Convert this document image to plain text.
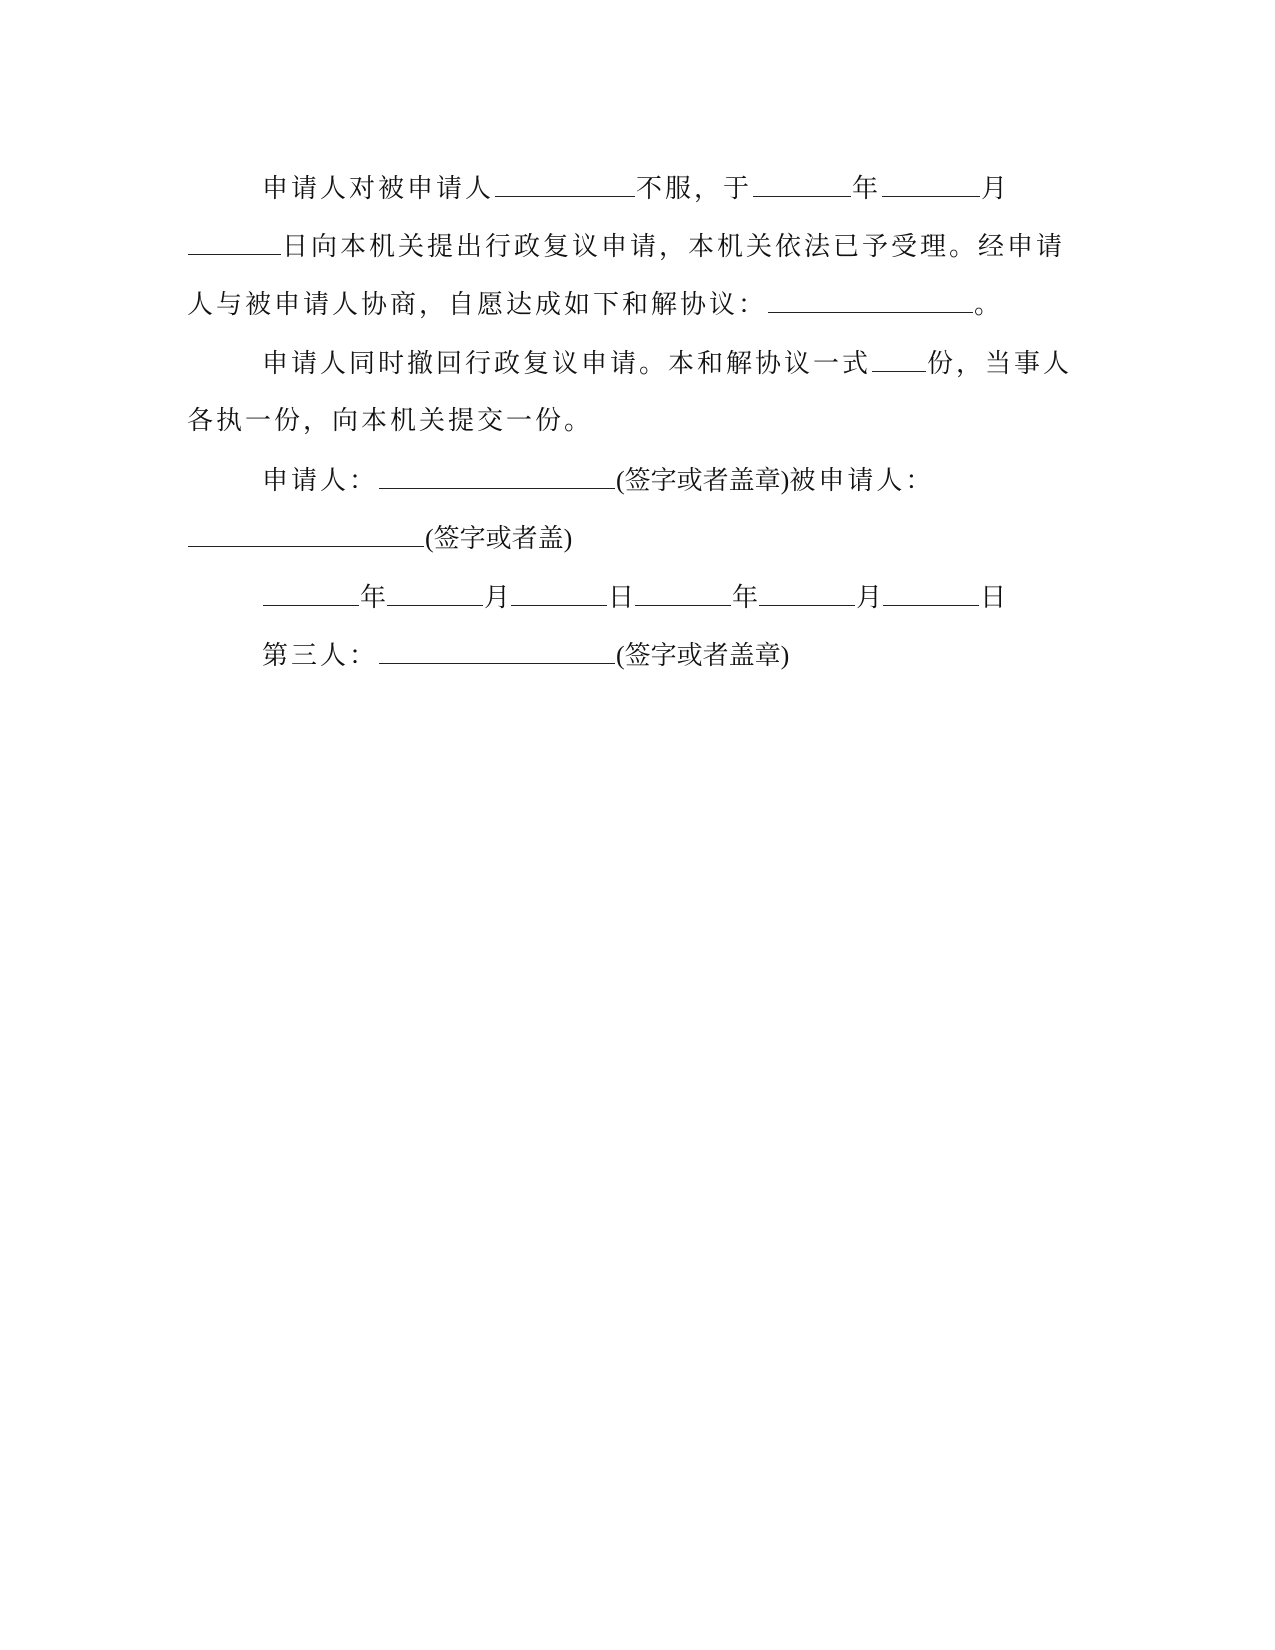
申请人对被申请人	不服，于	年	月
日向本机关提出行政复议申请，本机关依法已予受理。经申请
人与被申请人协商，自愿达成如下和解协议：	。
申请人同时撤回行政复议申请。本和解协议一式 份，当事人
各执一份，向本机关提交一份。
申请人：	(签字或者盖章)被申请人：
(签字或者盖)
年	月	日	年	月	日
第三人：	(签字或者盖章)
